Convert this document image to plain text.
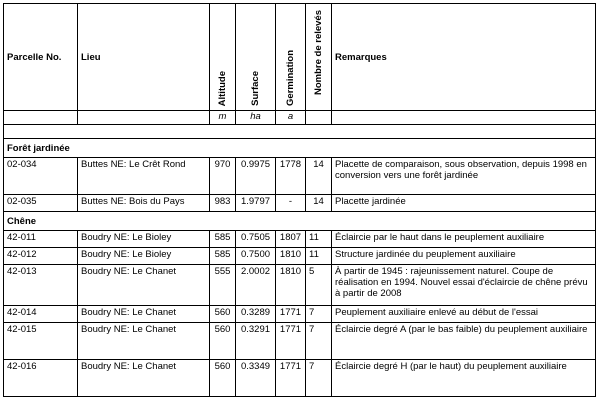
Parcelle No.	Lieu	Altitude	Surface	Germination	Nombre de relevés	Remarques
		m	ha	a		

Forêt jardinée						
02-034	Buttes NE: Le Crêt Rond	970	0.9975	1778	14	Placette de comparaison, sous observation, depuis 1998 en conversion vers une forêt jardinée
02-035	Buttes NE: Bois du Pays	983	1.9797	-	14	Placette jardinée
Chêne						
42-011	Boudry NE: Le Bioley	585	0.7505	1807	11	Éclaircie par le haut dans le peuplement auxiliaire
42-012	Boudry NE: Le Bioley	585	0.7500	1810	11	Structure jardinée du peuplement auxiliaire
42-013	Boudry NE: Le Chanet	555	2.0002	1810	5	À partir de 1945 : rajeunissement naturel. Coupe de réalisation en 1994. Nouvel essai d'éclaircie de chêne prévu à partir de 2008
42-014	Boudry NE: Le Chanet	560	0.3289	1771	7	Peuplement auxiliaire enlevé au début de l'essai
42-015	Boudry NE: Le Chanet	560	0.3291	1771	7	Éclaircie degré A (par le bas faible) du peuplement auxiliaire
42-016	Boudry NE: Le Chanet	560	0.3349	1771	7	Éclaircie degré H (par le haut) du peuplement auxiliaire
